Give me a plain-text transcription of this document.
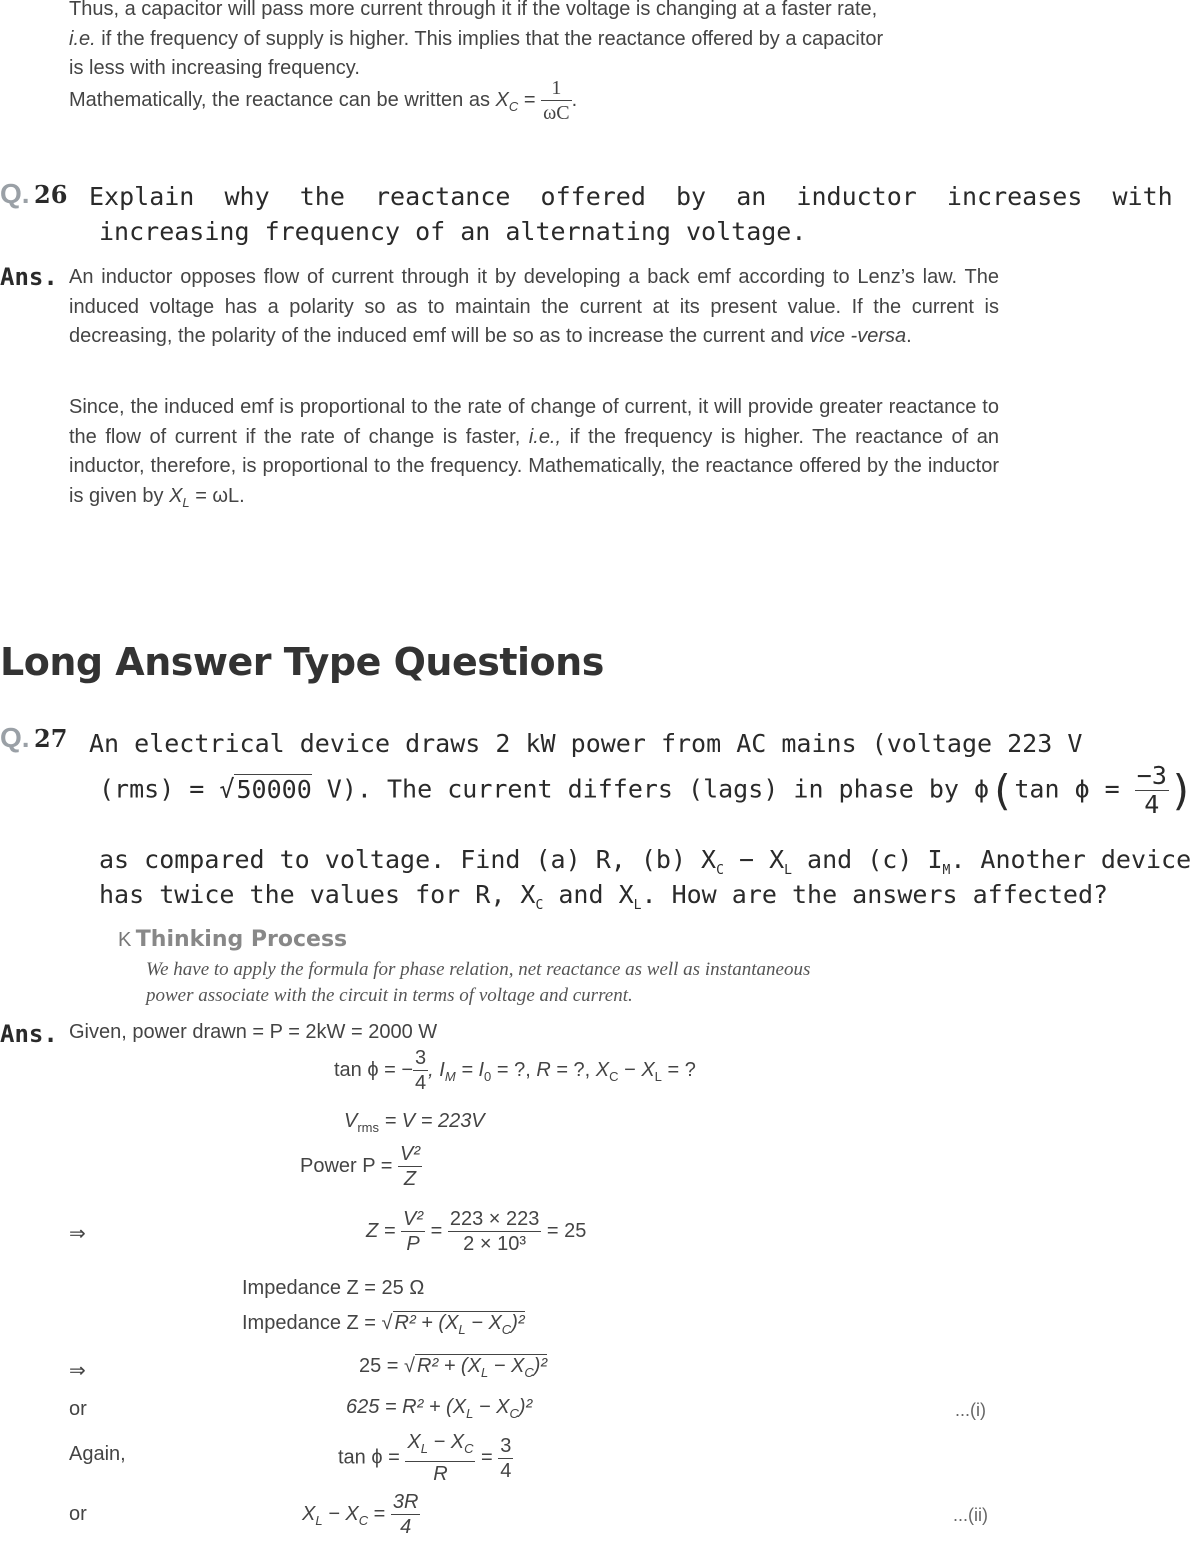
Thus, a capacitor will pass more current through it if the voltage is changing at a faster rate,
i.e. if the frequency of supply is higher. This implies that the reactance offered by a capacitor
is less with increasing frequency.
Mathematically, the reactance can be written as $X_C = \frac{1}{\omega C}$ .
Q. 26 Explain  why  the  reactance  offered  by  an  inductor  increases  with
increasing frequency of an alternating voltage.
Ans. An inductor opposes flow of current through it by developing a back emf according to Lenz’s law. The induced voltage has a polarity so as to maintain the current at its present value. If the current is decreasing, the polarity of the induced emf will be so as to increase the current and vice -versa.
Since, the induced emf is proportional to the rate of change of current, it will provide greater reactance to the flow of current if the rate of change is faster, i.e., if the frequency is higher. The reactance of an inductor, therefore, is proportional to the frequency. Mathematically, the reactance offered by the inductor is given by $X_L = \omega L$.
Long Answer Type Questions
Q. 27 An electrical device draws 2 kW power from AC mains (voltage 223 V
(rms) = √50000 V). The current differs (lags) in phase by ϕ(tan $\phi = \frac{-3}{4}$ )
as compared to voltage. Find (a) R, (b) $X_C - X_L$ and (c) $I_M$. Another device
has twice the values for R, $X_C$ and $X_L$. How are the answers affected?
K Thinking Process
We have to apply the formula for phase relation, net reactance as well as instantaneous
power associate with the circuit in terms of voltage and current.
Ans. Given, power drawn = P = 2kW = 2000 W
tan ϕ = − $\frac{3}{4}$ , $I_M = I_0$ = ?, R = ?, $X_C - X_L$ = ?
$V_{rms} = V = 223V$
Power $P = \frac{\text{V²}}{Z}$
⇒	$Z = \frac{\text{V²}}{P} = \frac{223 \times 223}{\text{2 × 10³}} = 25$
Impedance Z = 25 Ω
Impedance Z = √ $R^2 + (X_L - X_C)^2$
⇒	25 = √ $R^2 + (X_L - X_C)^2$
or	$625 = R^2 + (X_L - X_C)^2$	...(i)
Again,	$\tan \phi = \frac{X_L - X_C}{R} = \frac{3}{4}$
or	$X_L - X_C = \frac{3R}{4}$	...(ii)
